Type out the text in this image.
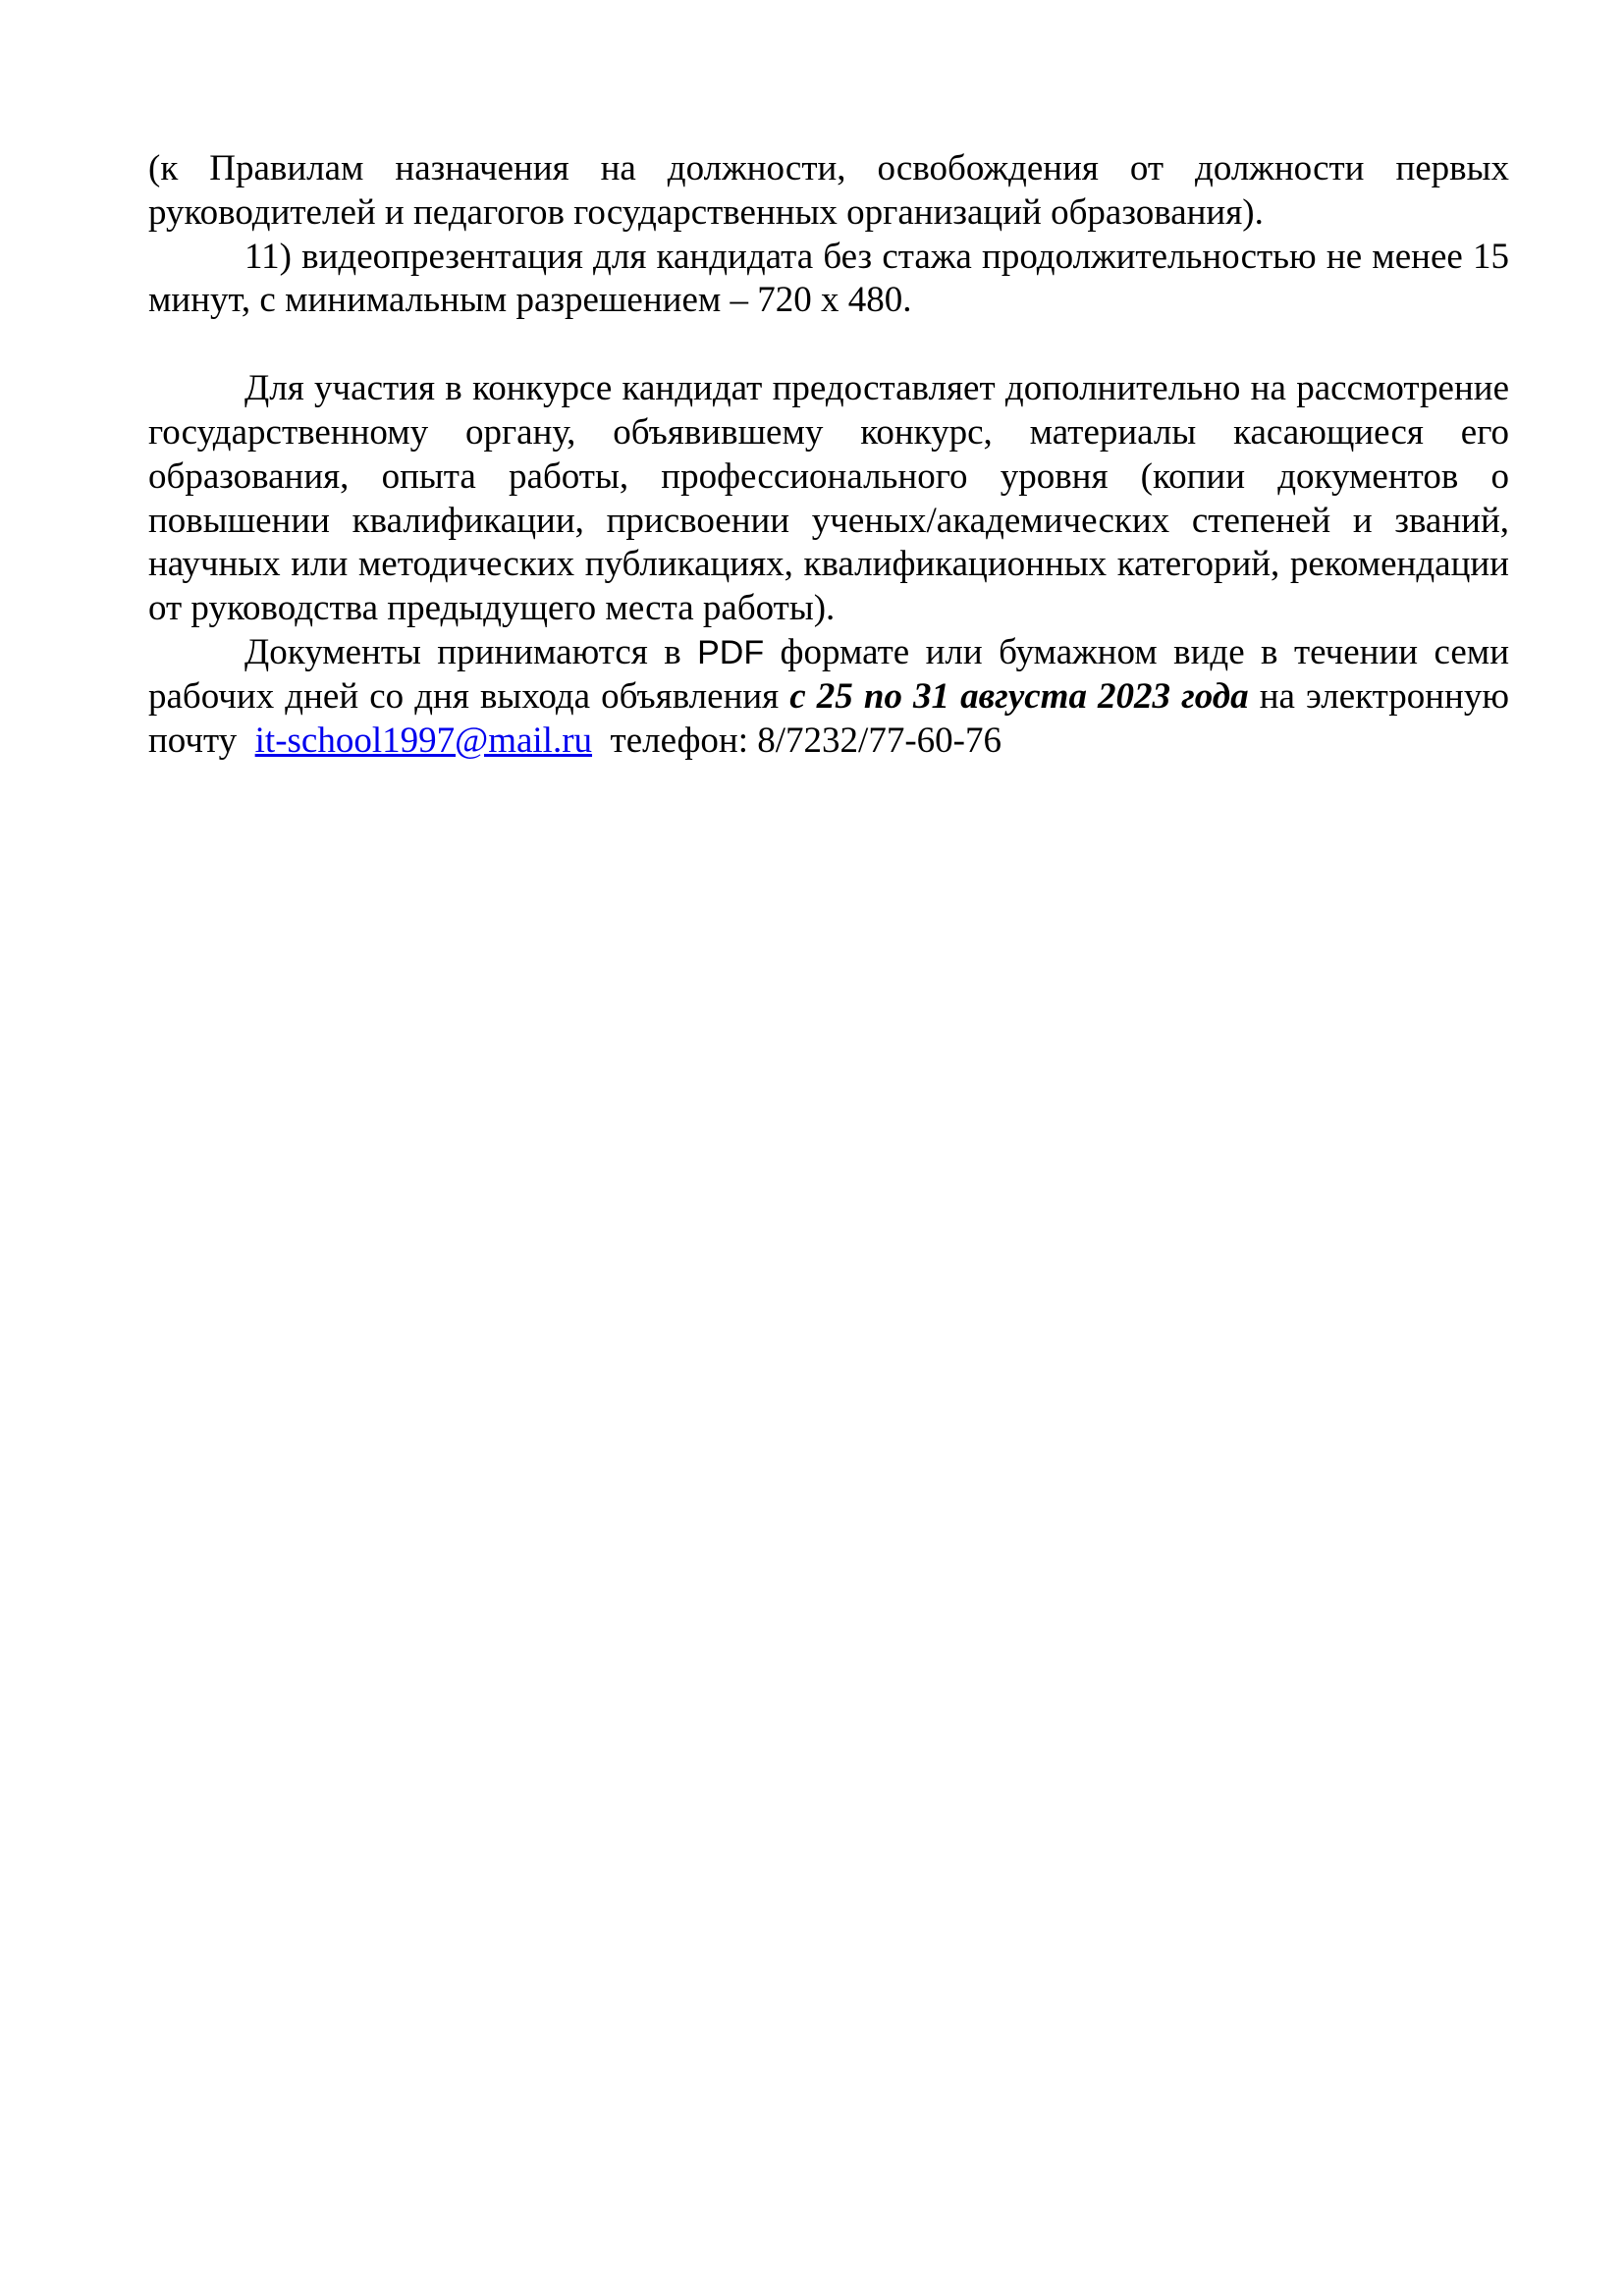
(к Правилам назначения на должности, освобождения от должности первых руководителей и педагогов государственных организаций образования).

11) видеопрезентация для кандидата без стажа продолжительностью не менее 15 минут, с минимальным разрешением – 720 x 480.

Для участия в конкурсе кандидат предоставляет дополнительно на рассмотрение государственному органу, объявившему конкурс, материалы касающиеся его образования, опыта работы, профессионального уровня (копии документов о повышении квалификации, присвоении ученых/академических степеней и званий, научных или методических публикациях, квалификационных категорий, рекомендации от руководства предыдущего места работы).

Документы принимаются в PDF формате или бумажном виде в течении семи рабочих дней со дня выхода объявления с 25 по 31 августа 2023 года на электронную почту  it-school1997@mail.ru  телефон: 8/7232/77-60-76
